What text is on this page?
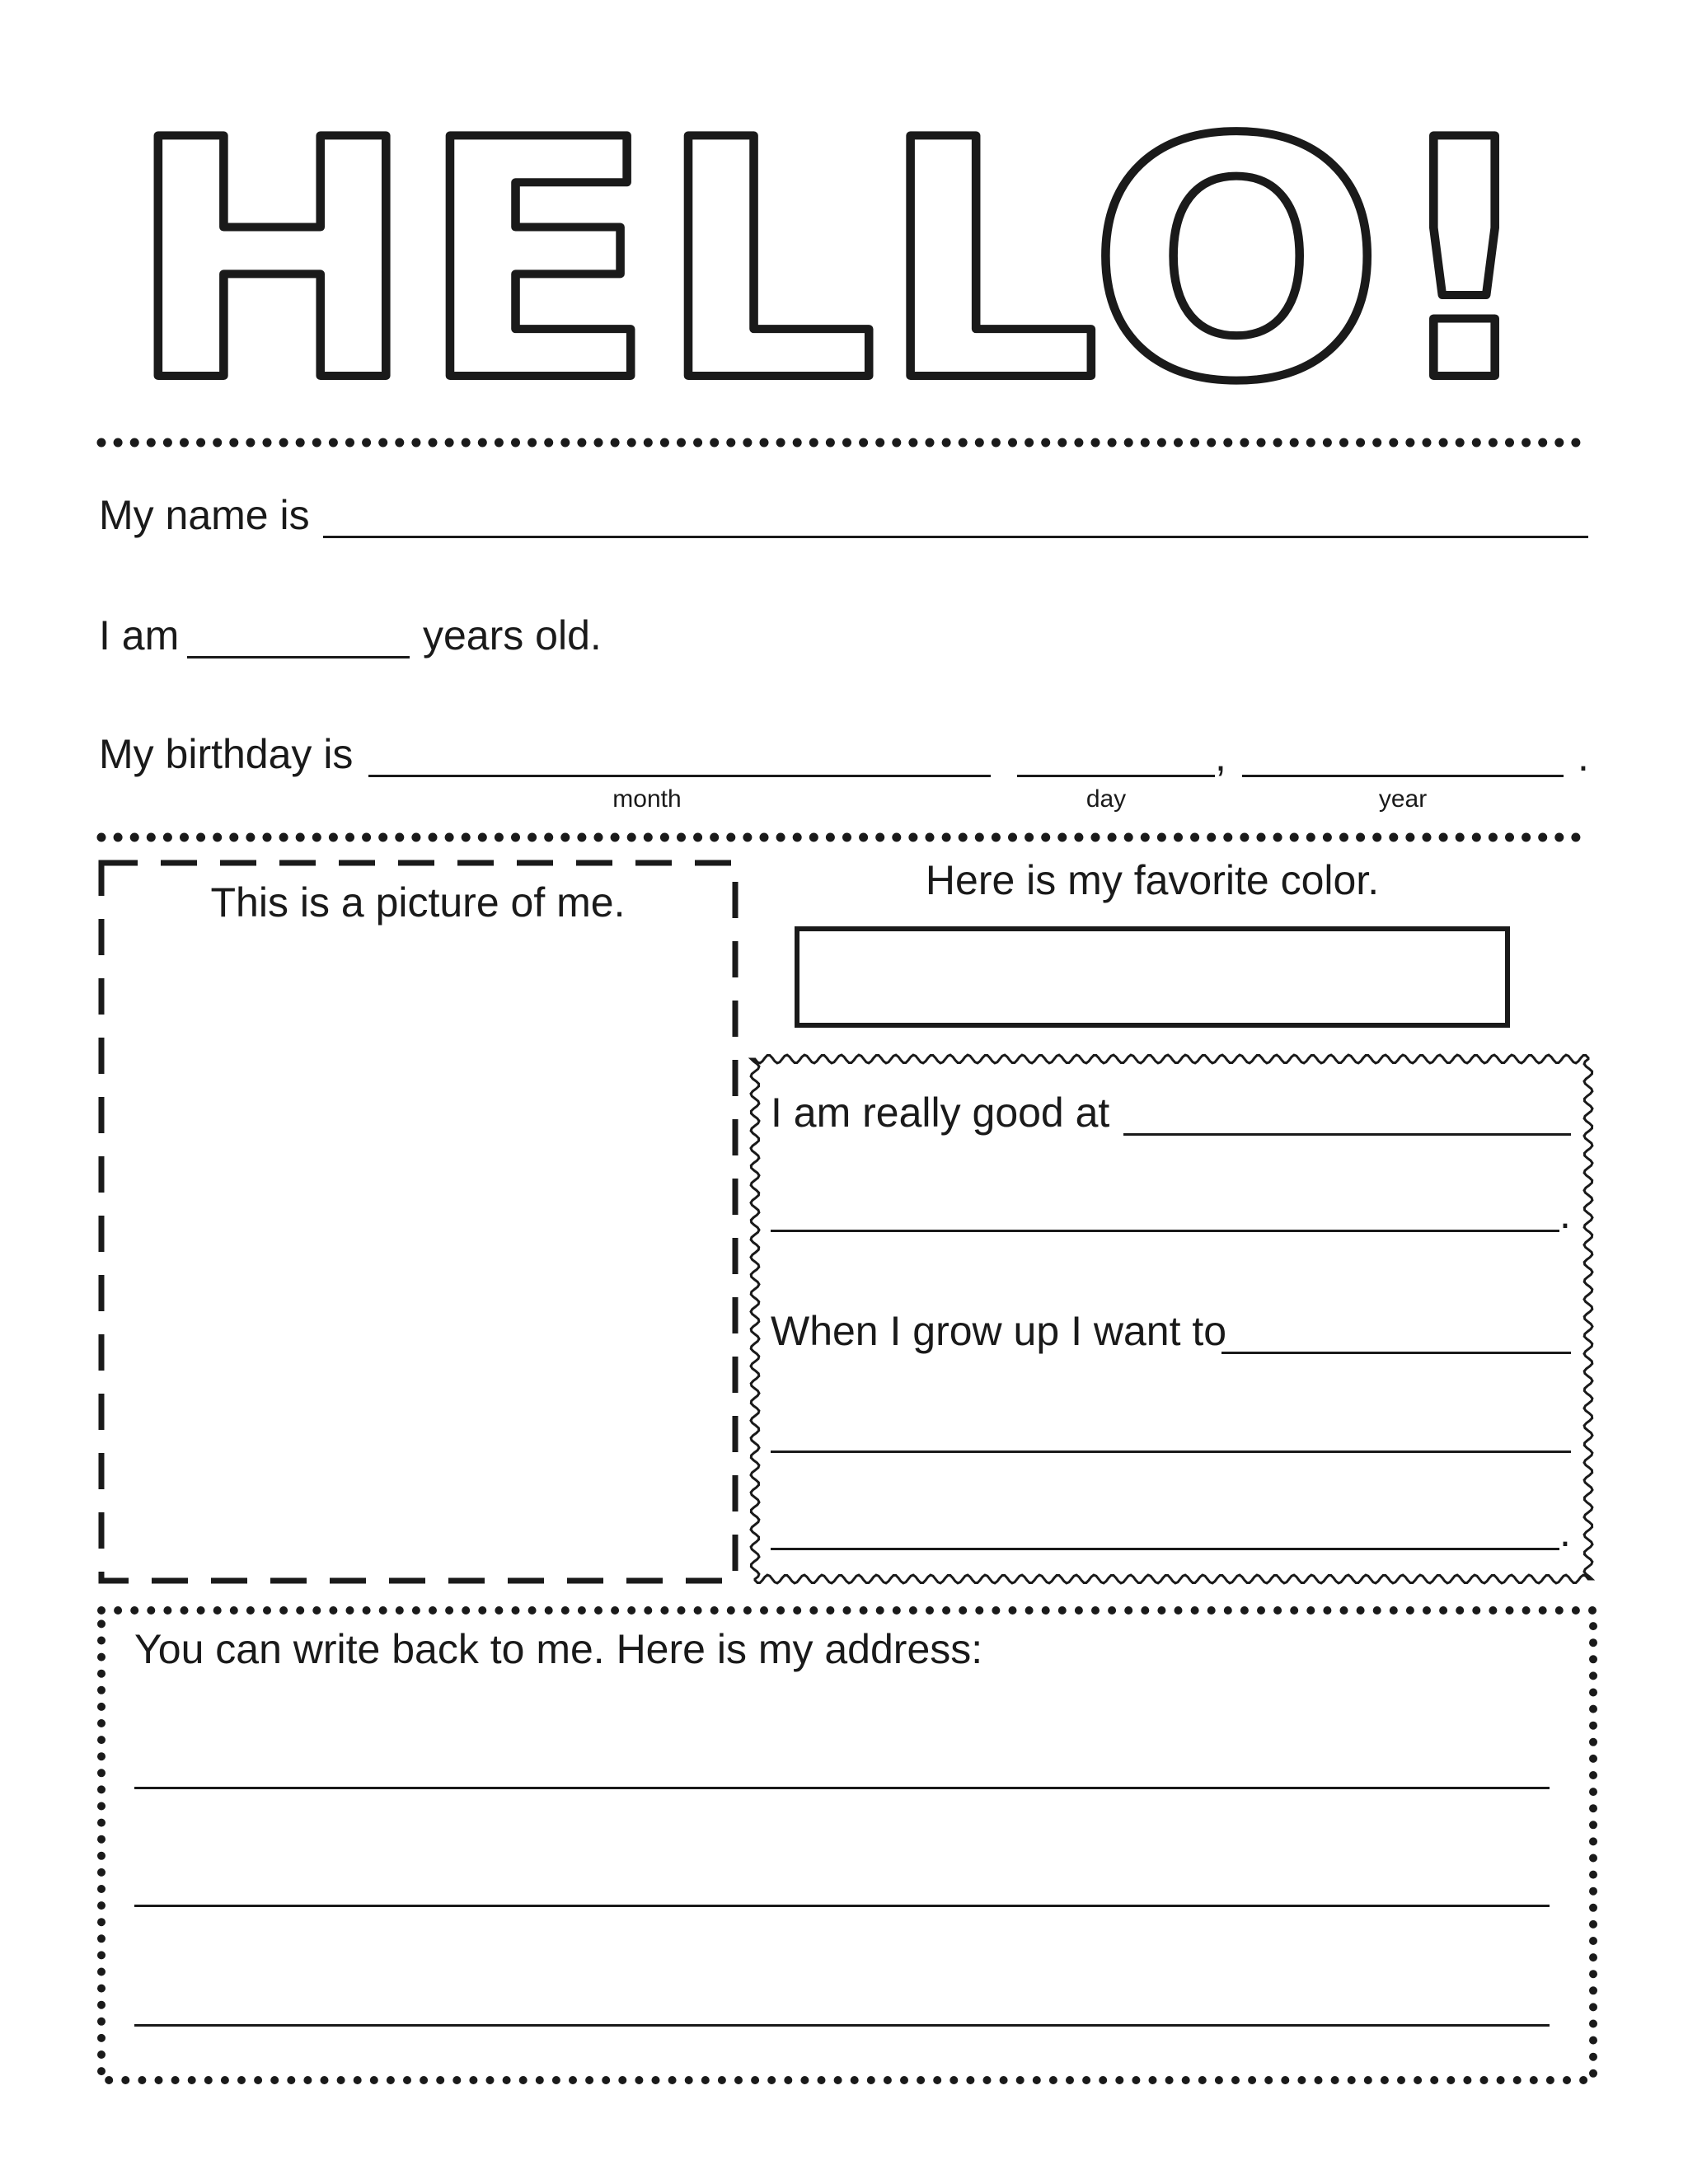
HELLO!
My name is
I am	years old.
My birthday is	,	.
month	day	year
This is a picture of me.	Here is my favorite color.
I am really good at
.
When I grow up I want to
.
You can write back to me. Here is my address:
